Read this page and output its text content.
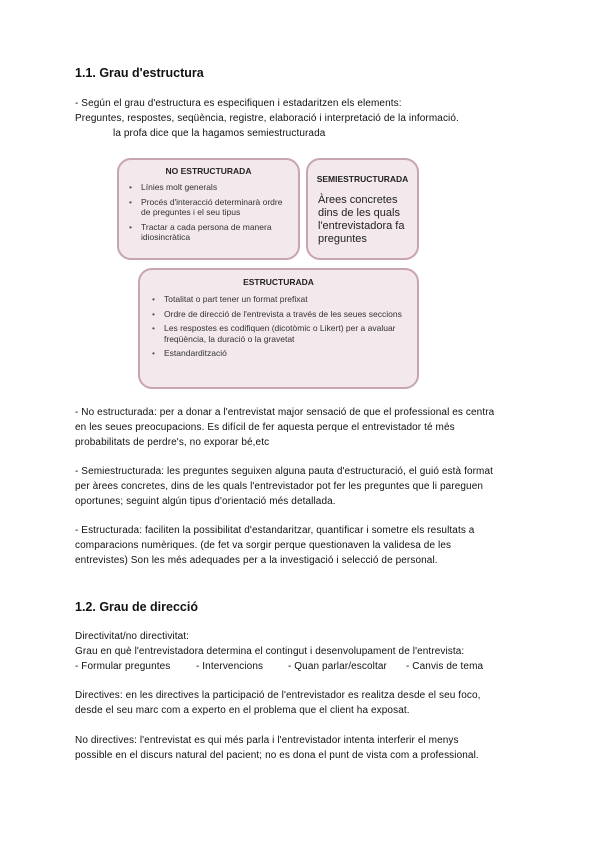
1.1. Grau d'estructura
- Según el grau d'estructura es especifiquen i estadaritzen els elements:
Preguntes, respostes, seqüència, registre, elaboració i interpretació de la informació.
la profa dice que la hagamos semiestructurada
NO ESTRUCTURADA
• Línies molt generals
• Procés d'interacció determinarà ordre de preguntes i el seu tipus
• Tractar a cada persona de manera idiosincràtica
SEMIESTRUCTURADA
Àrees concretes dins de les quals l'entrevistadora fa preguntes
ESTRUCTURADA
• Totalitat o part tener un format prefixat
• Ordre de direcció de l'entrevista a través de les seues seccions
• Les respostes es codifiquen (dicotòmic o Likert) per a avaluar freqüència, la duració o la gravetat
• Estandardització
- No estructurada: per a donar a l'entrevistat major sensació de que el professional es centra
en les seues preocupacions. Es difícil de fer aquesta perque el entrevistador té més
probabilitats de perdre's, no exporar bé,etc
- Semiestructurada: les preguntes seguixen alguna pauta d'estructuració, el guió està format
per àrees concretes, dins de les quals l'entrevistador pot fer les preguntes que li pareguen
oportunes; seguint algún tipus d'orientació més detallada.
- Estructurada: faciliten la possibilitat d'estandaritzar, quantificar i sometre els resultats a
comparacions numèriques. (de fet va sorgir perque questionaven la validesa de les
entrevistes) Son les més adequades per a la investigació i selecció de personal.
1.2. Grau de direcció
Directivitat/no directivitat:
Grau en què l'entrevistadora determina el contingut i desenvolupament de l'entrevista:
- Formular preguntes	- Intervencions - Quan parlar/escoltar - Canvis de tema
Directives: en les directives la participació de l'entrevistador es realitza desde el seu foco,
desde el seu marc com a experto en el problema que el client ha exposat.
No directives: l'entrevistat es qui més parla i l'entrevistador intenta interferir el menys
possible en el discurs natural del pacient; no es dona el punt de vista com a professional.
